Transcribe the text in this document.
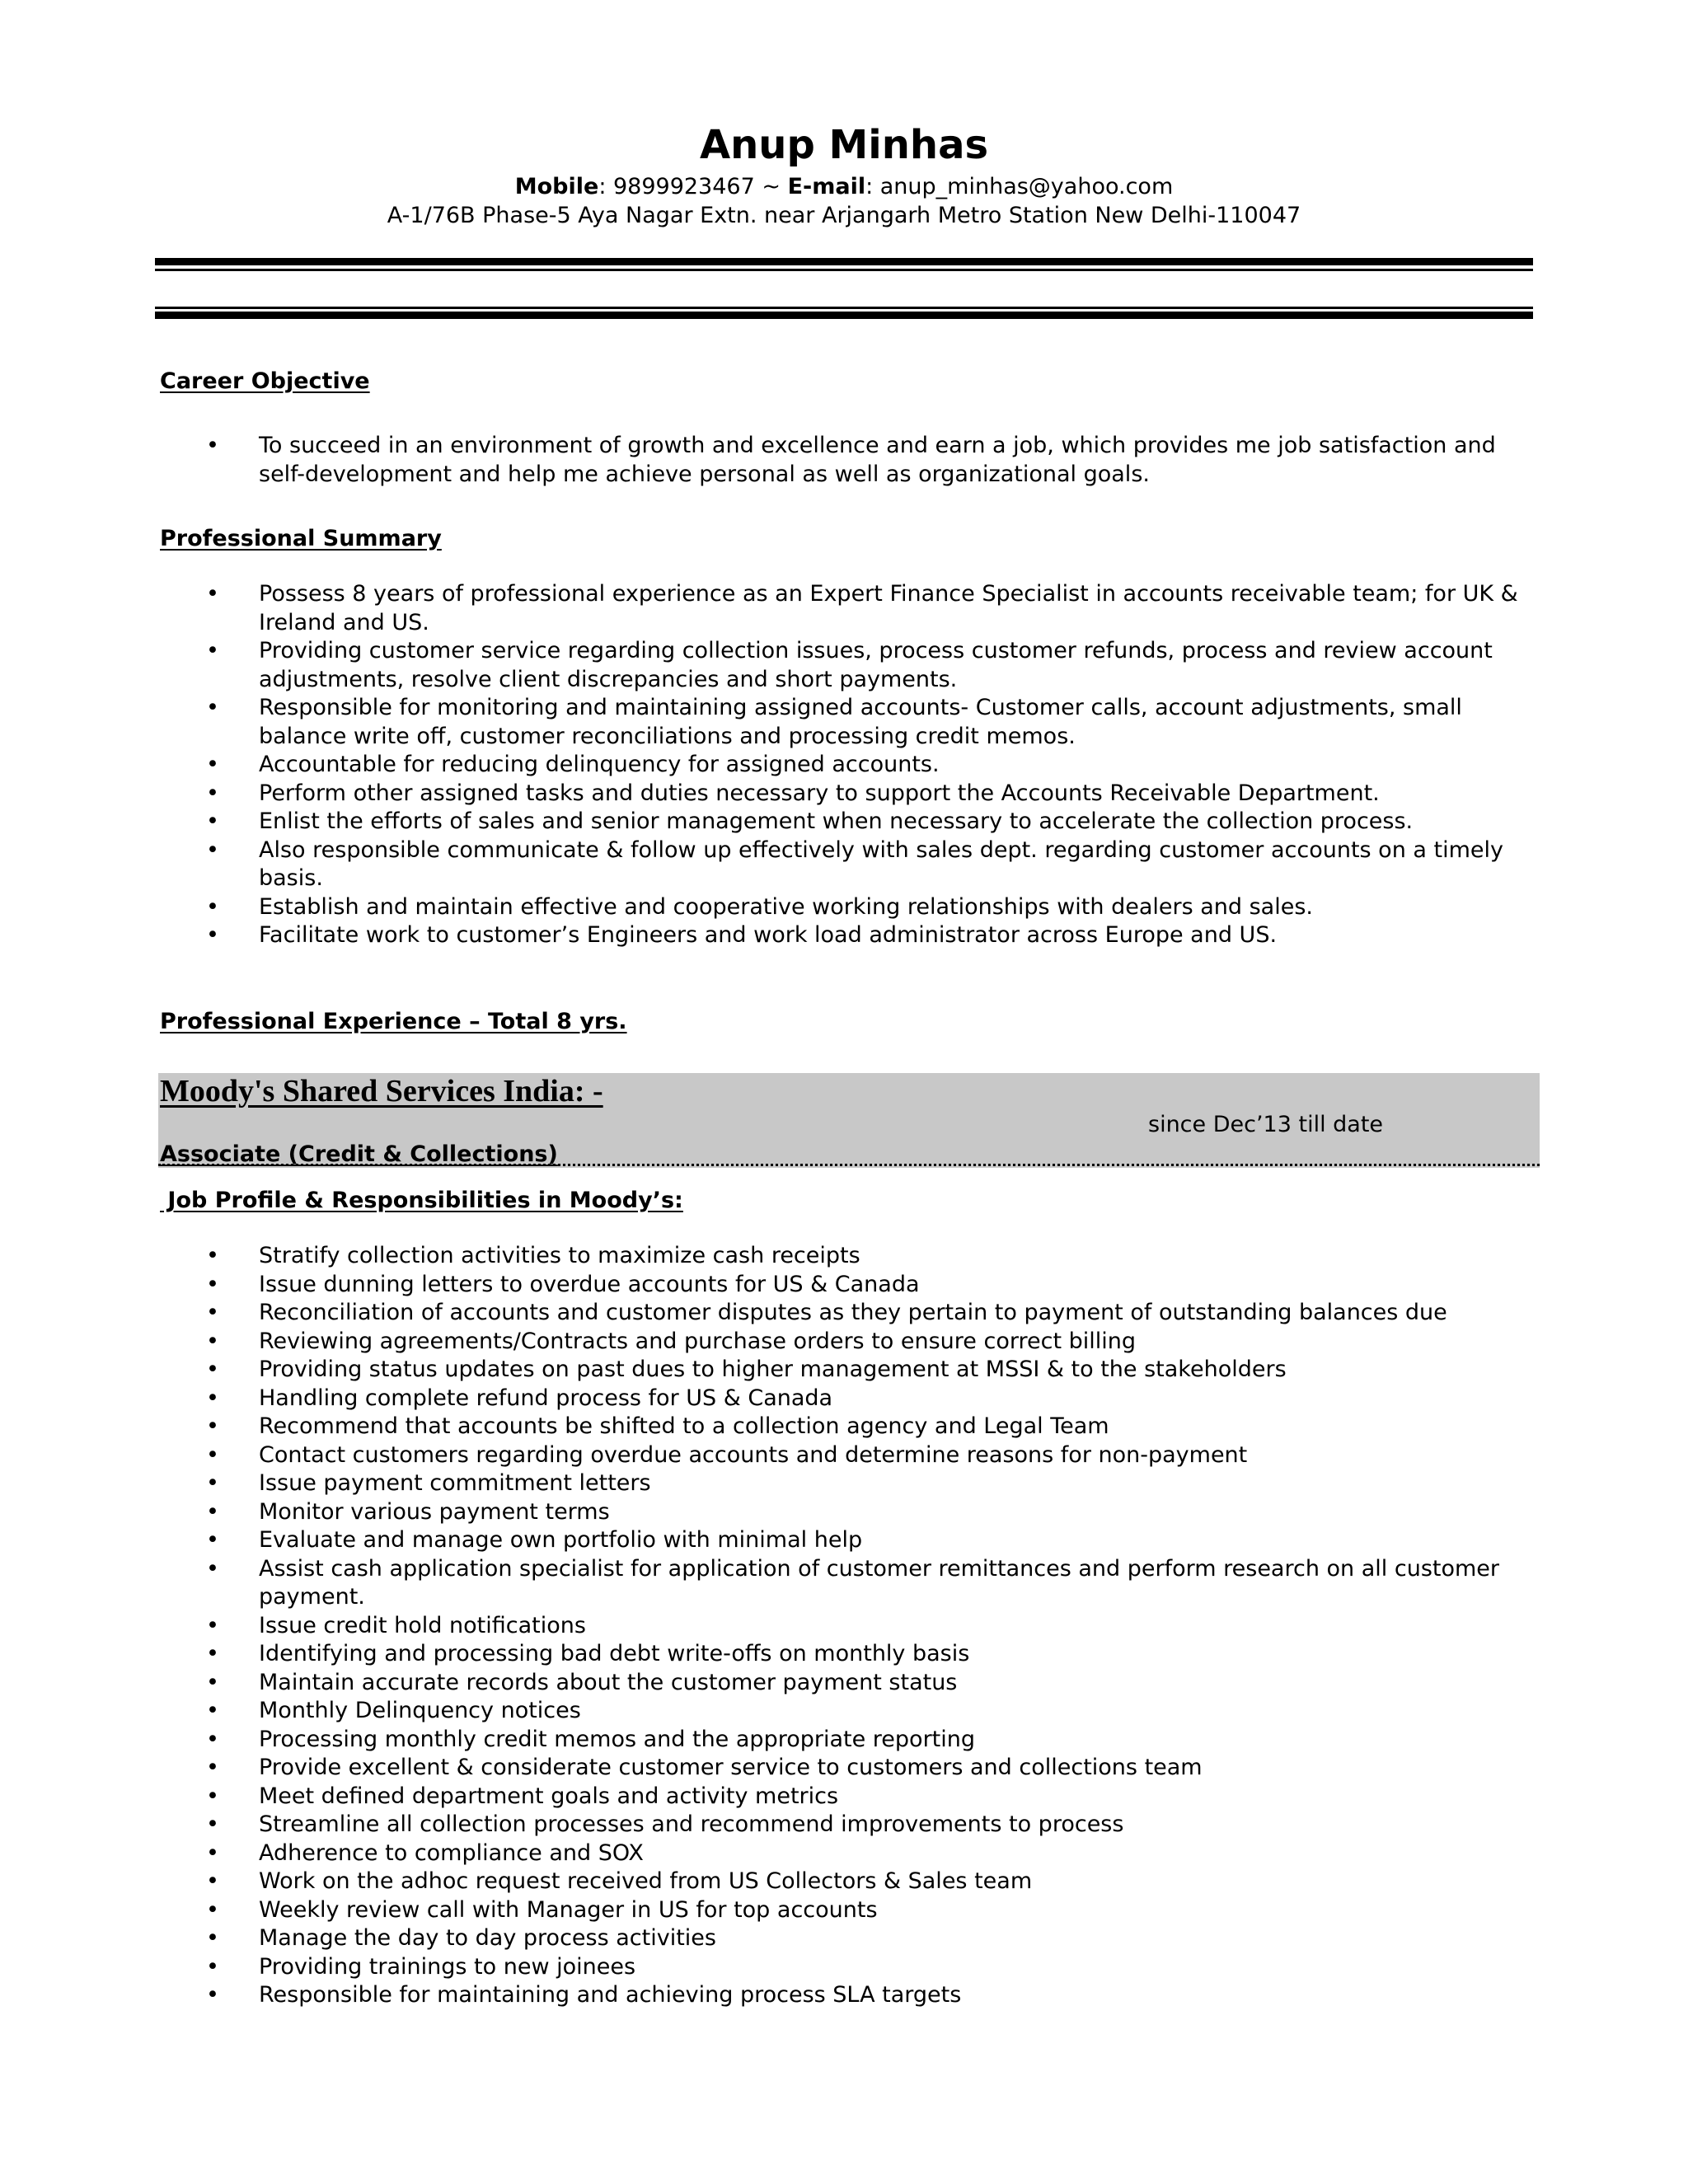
Anup Minhas
Mobile: 9899923467 ~ E-mail: anup_minhas@yahoo.com
A-1/76B Phase-5 Aya Nagar Extn. near Arjangarh Metro Station New Delhi-110047
Career Objective
• To succeed in an environment of growth and excellence and earn a job, which provides me job satisfaction and self-development and help me achieve personal as well as organizational goals.
Professional Summary
• Possess 8 years of professional experience as an Expert Finance Specialist in accounts receivable team; for UK & Ireland and US.
• Providing customer service regarding collection issues, process customer refunds, process and review account adjustments, resolve client discrepancies and short payments.
• Responsible for monitoring and maintaining assigned accounts- Customer calls, account adjustments, small balance write off, customer reconciliations and processing credit memos.
• Accountable for reducing delinquency for assigned accounts.
• Perform other assigned tasks and duties necessary to support the Accounts Receivable Department.
• Enlist the efforts of sales and senior management when necessary to accelerate the collection process.
• Also responsible communicate & follow up effectively with sales dept. regarding customer accounts on a timely basis.
• Establish and maintain effective and cooperative working relationships with dealers and sales.
• Facilitate work to customer’s Engineers and work load administrator across Europe and US.
Professional Experience – Total 8 yrs.
Moody's Shared Services India: -
since Dec’13 till date
Associate (Credit & Collections)
Job Profile & Responsibilities in Moody’s:
• Stratify collection activities to maximize cash receipts
• Issue dunning letters to overdue accounts for US & Canada
• Reconciliation of accounts and customer disputes as they pertain to payment of outstanding balances due
• Reviewing agreements/Contracts and purchase orders to ensure correct billing
• Providing status updates on past dues to higher management at MSSI & to the stakeholders
• Handling complete refund process for US & Canada
• Recommend that accounts be shifted to a collection agency and Legal Team
• Contact customers regarding overdue accounts and determine reasons for non-payment
• Issue payment commitment letters
• Monitor various payment terms
• Evaluate and manage own portfolio with minimal help
• Assist cash application specialist for application of customer remittances and perform research on all customer payment.
• Issue credit hold notifications
• Identifying and processing bad debt write-offs on monthly basis
• Maintain accurate records about the customer payment status
• Monthly Delinquency notices
• Processing monthly credit memos and the appropriate reporting
• Provide excellent & considerate customer service to customers and collections team
• Meet defined department goals and activity metrics
• Streamline all collection processes and recommend improvements to process
• Adherence to compliance and SOX
• Work on the adhoc request received from US Collectors & Sales team
• Weekly review call with Manager in US for top accounts
• Manage the day to day process activities
• Providing trainings to new joinees
• Responsible for maintaining and achieving process SLA targets
